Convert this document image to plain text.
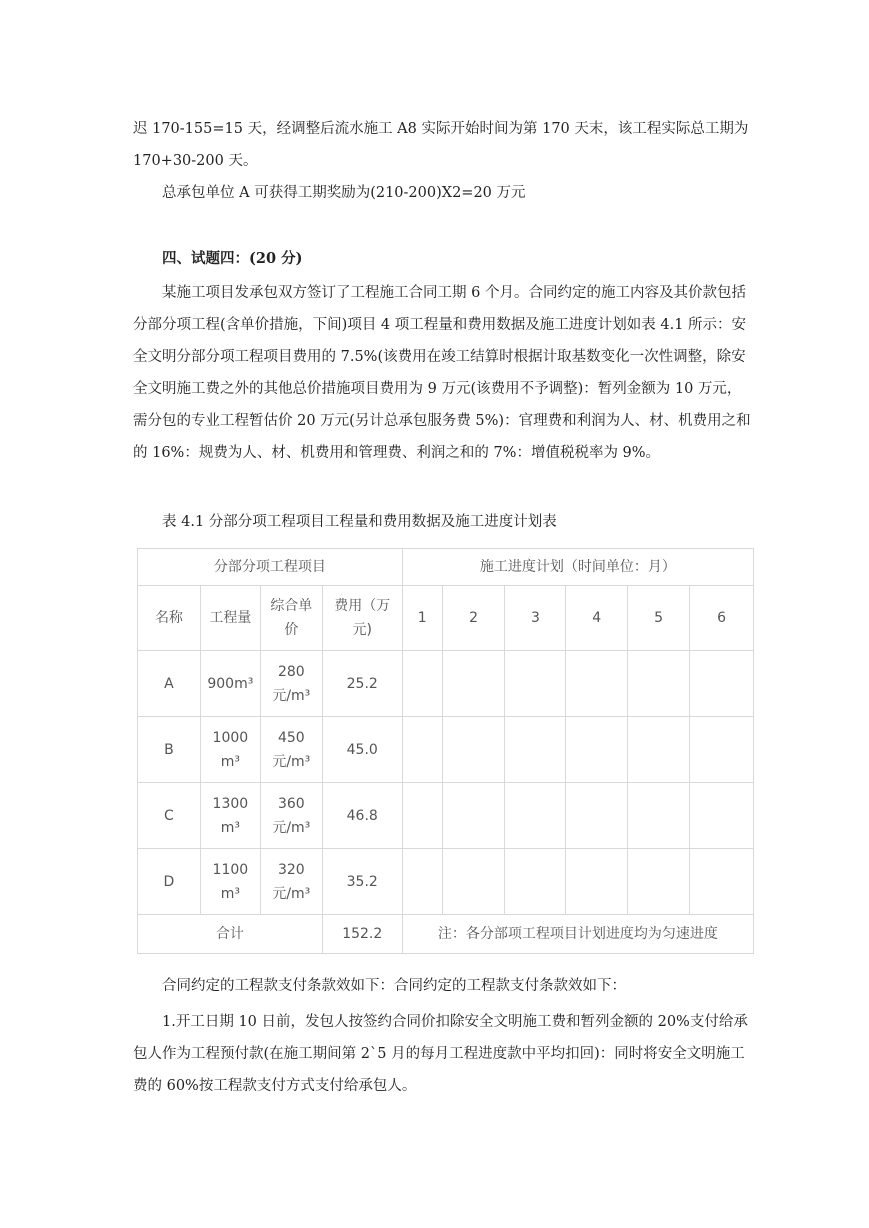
迟 170-155=15 天，经调整后流水施工 A8 实际开始时间为第 170 天末，该工程实际总工期为 170+30-200 天。

总承包单位 A 可获得工期奖励为(210-200)X2=20 万元

四、试题四：(20 分)

某施工项目发承包双方签订了工程施工合同工期 6 个月。合同约定的施工内容及其价款包括分部分项工程(含单价措施，下间)项目 4 项工程量和费用数据及施工进度计划如表 4.1 所示：安全文明分部分项工程项目费用的 7.5%(该费用在竣工结算时根据计取基数变化一次性调整，除安全文明施工费之外的其他总价措施项目费用为 9 万元(该费用不予调整)：暂列金额为 10 万元，需分包的专业工程暂估价 20 万元(另计总承包服务费 5%)：官理费和利润为人、材、机费用之和的 16%：规费为人、材、机费用和管理费、利润之和的 7%：增值税税率为 9%。

表 4.1 分部分项工程项目工程量和费用数据及施工进度计划表

分部分项工程项目				施工进度计划（时间单位：月）					
名称	工程量	综合单价	费用（万元)	1	2	3	4	5	6
A	900m³	280 元/m³	25.2						
B	1000 m³	450 元/m³	45.0						
C	1300 m³	360 元/m³	46.8						
D	1100 m³	320 元/m³	35.2						
合计			152.2	注：各分部项工程项目计划进度均为匀速进度					

合同约定的工程款支付条款效如下：合同约定的工程款支付条款效如下：

1.开工日期 10 日前，发包人按签约合同价扣除安全文明施工费和暂列金额的 20%支付给承包人作为工程预付款(在施工期间第 2`5 月的每月工程进度款中平均扣回)：同时将安全文明施工费的 60%按工程款支付方式支付给承包人。
